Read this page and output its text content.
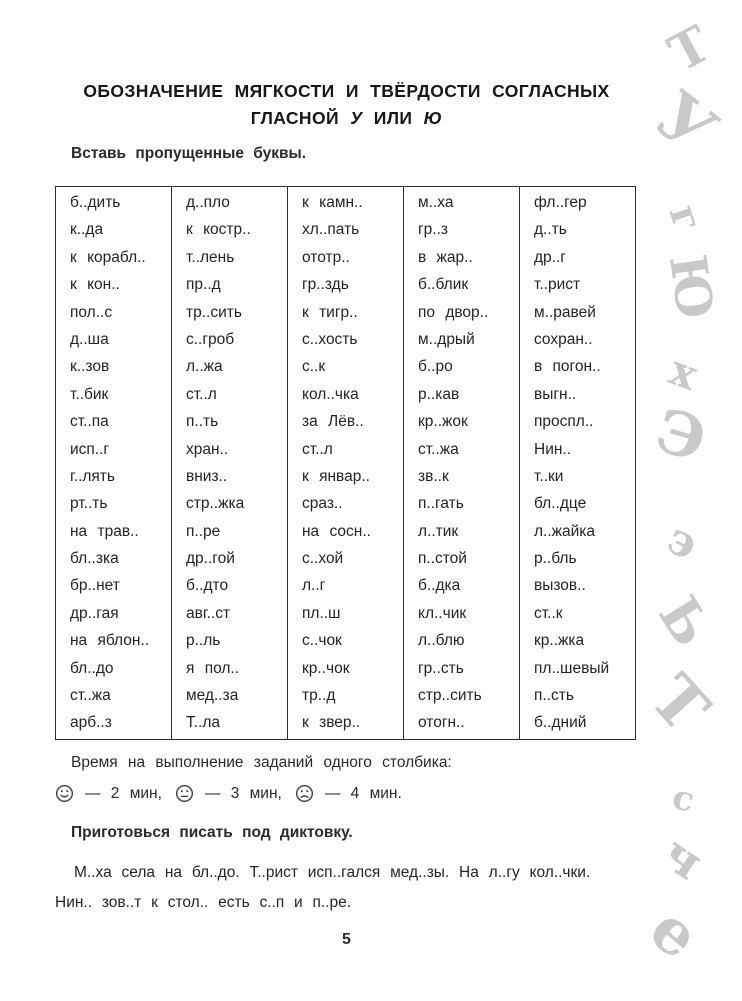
ОБОЗНАЧЕНИЕ МЯГКОСТИ И ТВЁРДОСТИ СОГЛАСНЫХ
ГЛАСНОЙ У ИЛИ Ю
Вставь пропущенные буквы.
б..дить
к..да
к корабл..
к кон..
пол..с
д..ша
к..зов
т..бик
ст..па
исп..г
г..лять
рт..ть
на трав..
бл..зка
бр..нет
др..гая
на яблон..
бл..до
ст..жа
арб..з
д..пло
к костр..
т..лень
пр..д
тр..сить
с..гроб
л..жа
ст..л
п..ть
хран..
вниз..
стр..жка
п..ре
др..гой
б..дто
авг..ст
р..ль
я пол..
мед..за
Т..ла
к камн..
хл..пать
ототр..
гр..здь
к тигр..
с..хость
с..к
кол..чка
за Лёв..
ст..л
к январ..
сраз..
на сосн..
с..хой
л..г
пл..ш
с..чок
кр..чок
тр..д
к звер..
м..ха
гр..з
в жар..
б..блик
по двор..
м..дрый
б..ро
р..кав
кр..жок
ст..жа
зв..к
п..гать
л..тик
п..стой
б..дка
кл..чик
л..блю
гр..сть
стр..сить
отогн..
фл..гер
д..ть
др..г
т..рист
м..равей
сохран..
в погон..
выгн..
проспл..
Нин..
т..ки
бл..дце
л..жайка
р..бль
вызов..
ст..к
кр..жка
пл..шевый
п..сть
б..дний
Время на выполнение заданий одного столбика:
— 2 мин,	— 3 мин,	— 4 мин.
Приготовься писать под диктовку.
М..ха села на бл..до. Т..рист исп..гался мед..зы. На л..гу кол..чки.
Нин.. зов..т к стол.. есть с..п и п..ре.
5
Т
У
г
Ю
х
Э
э
Ь
Т
с
ч
е
